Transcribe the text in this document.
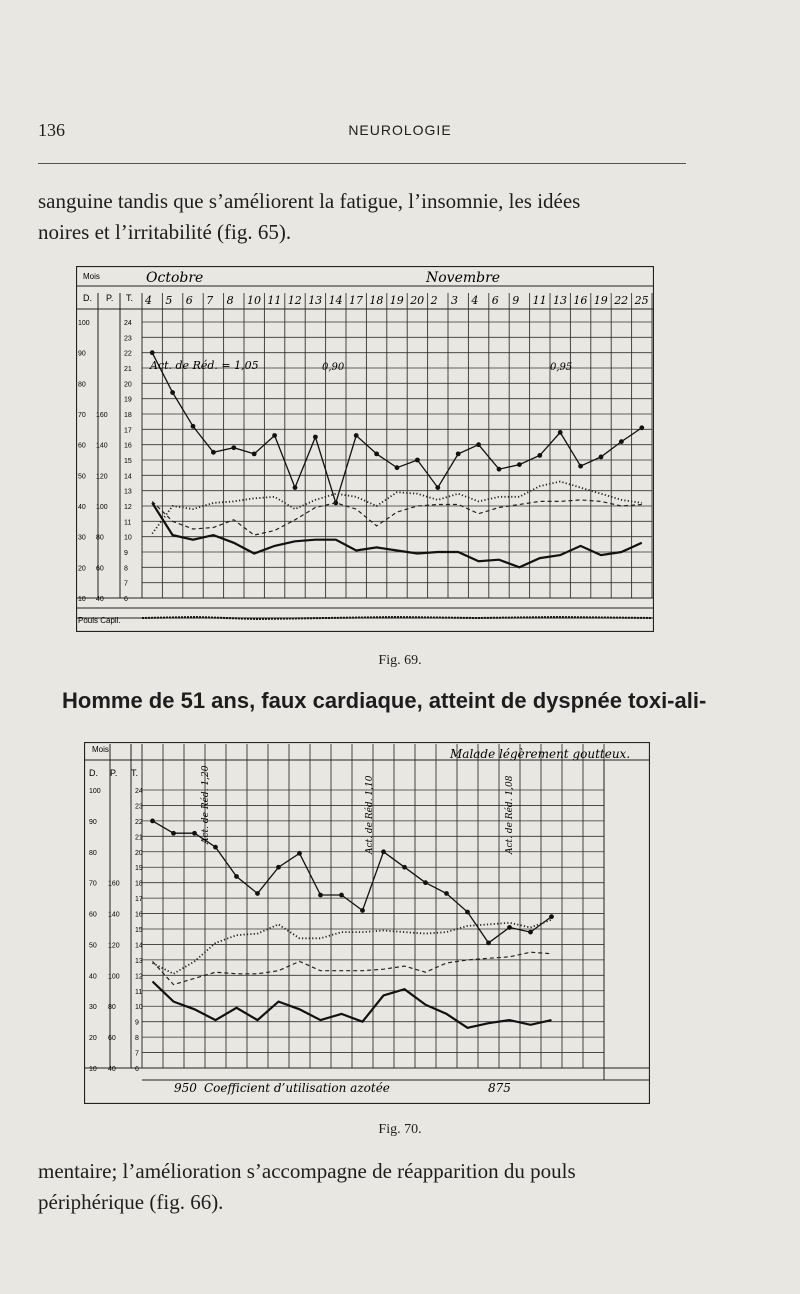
136	NEUROLOGIE
sanguine tandis que s’améliorent la fatigue, l’insomnie, les idées
noires et l’irritabilité (fig. 65).
Mois	Octobre	Novembre
D. P. T. 4 5 6 7 8 10 11 12 13 14 17 18 19 20 2 3 4 6 9 11 13 16 19 22 25
24
23
22
21
20
19
18
17
16
15
14
13
12
11
10
9
8
7
6
100
90
80
70
60
50
40
30
20
10
160
140
120
100
80
60
40
Act. de Réd. = 1,05	0,90	0,95
Pouls Capil.
Fig. 69.
Homme de 51 ans, faux cardiaque, atteint de dyspnée toxi-ali-
Mois	Malade légèrement goutteux.
D. P. T.
24
23
22
21
20
19
18
17
16
15
14
13
12
11
10
9
8
7
6
100
90
80
70
60
50
40
30
20
10
160
140
120
100
80
60
40
Act. de Réd. 1,20	Act. de Réd. 1,10	Act. de Réd. 1,08
950 Coefficient d’utilisation azotée	875
Fig. 70.
mentaire; l’amélioration s’accompagne de réapparition du pouls
périphérique (fig. 66).
